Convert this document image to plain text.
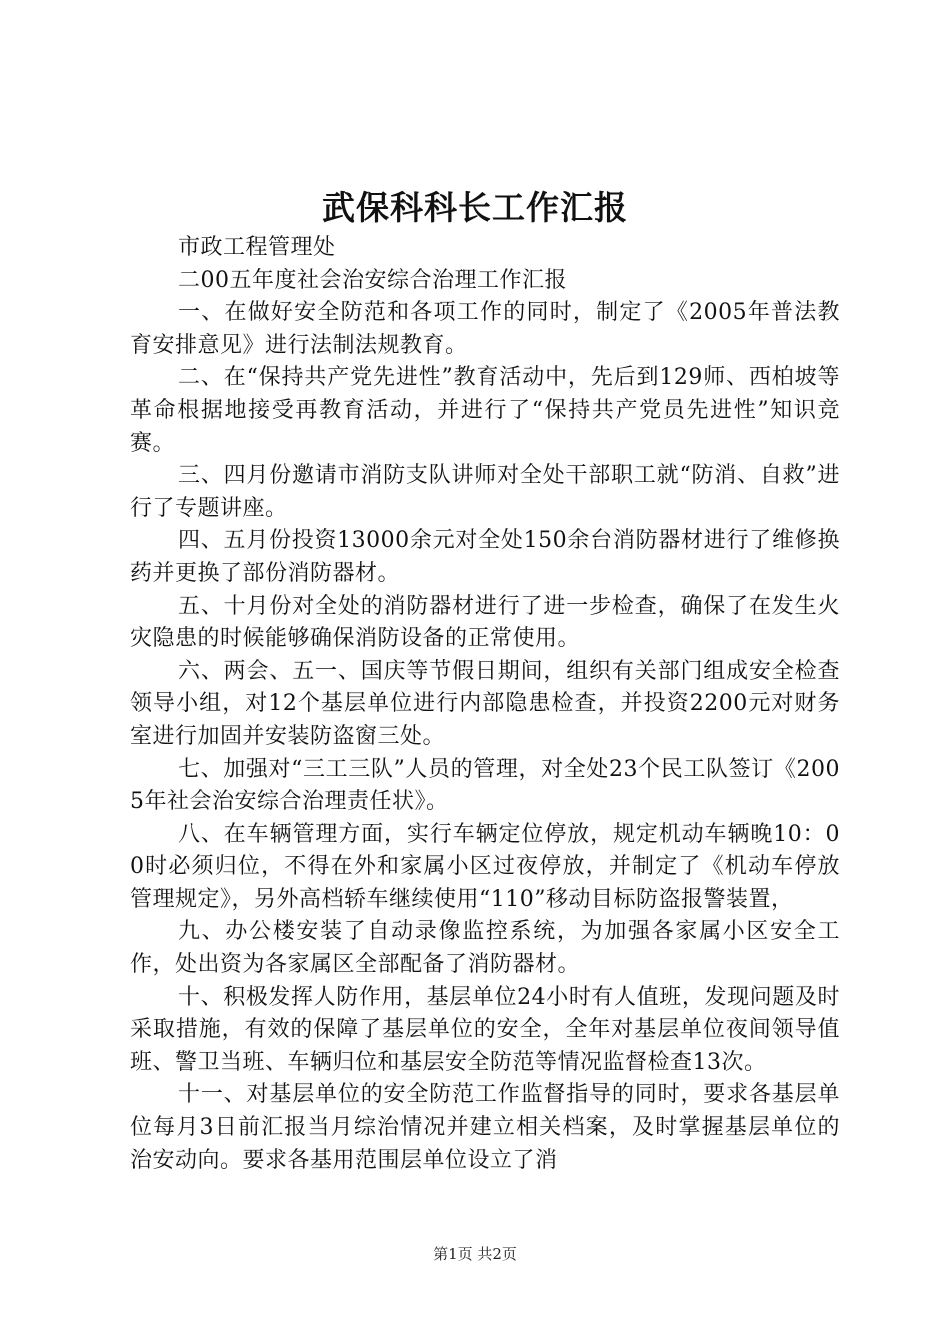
武保科科长工作汇报

市政工程管理处

二00五年度社会治安综合治理工作汇报

一、在做好安全防范和各项工作的同时，制定了《2005年普法教育安排意见》进行法制法规教育。

二、在“保持共产党先进性”教育活动中，先后到129师、西柏坡等革命根据地接受再教育活动，并进行了“保持共产党员先进性”知识竞赛。

三、四月份邀请市消防支队讲师对全处干部职工就“防消、自救”进行了专题讲座。

四、五月份投资13000余元对全处150余台消防器材进行了维修换药并更换了部份消防器材。

五、十月份对全处的消防器材进行了进一步检查，确保了在发生火灾隐患的时候能够确保消防设备的正常使用。

六、两会、五一、国庆等节假日期间，组织有关部门组成安全检查领导小组，对12个基层单位进行内部隐患检查，并投资2200元对财务室进行加固并安装防盗窗三处。

七、加强对“三工三队”人员的管理，对全处23个民工队签订《2005年社会治安综合治理责任状》。

八、在车辆管理方面，实行车辆定位停放，规定机动车辆晚10：00时必须归位，不得在外和家属小区过夜停放，并制定了《机动车停放管理规定》，另外高档轿车继续使用“110”移动目标防盗报警装置，

九、办公楼安装了自动录像监控系统，为加强各家属小区安全工作，处出资为各家属区全部配备了消防器材。

十、积极发挥人防作用，基层单位24小时有人值班，发现问题及时采取措施，有效的保障了基层单位的安全，全年对基层单位夜间领导值班、警卫当班、车辆归位和基层安全防范等情况监督检查13次。

十一、对基层单位的安全防范工作监督指导的同时，要求各基层单位每月3日前汇报当月综治情况并建立相关档案，及时掌握基层单位的治安动向。要求各基用范围层单位设立了消

第1页 共2页
